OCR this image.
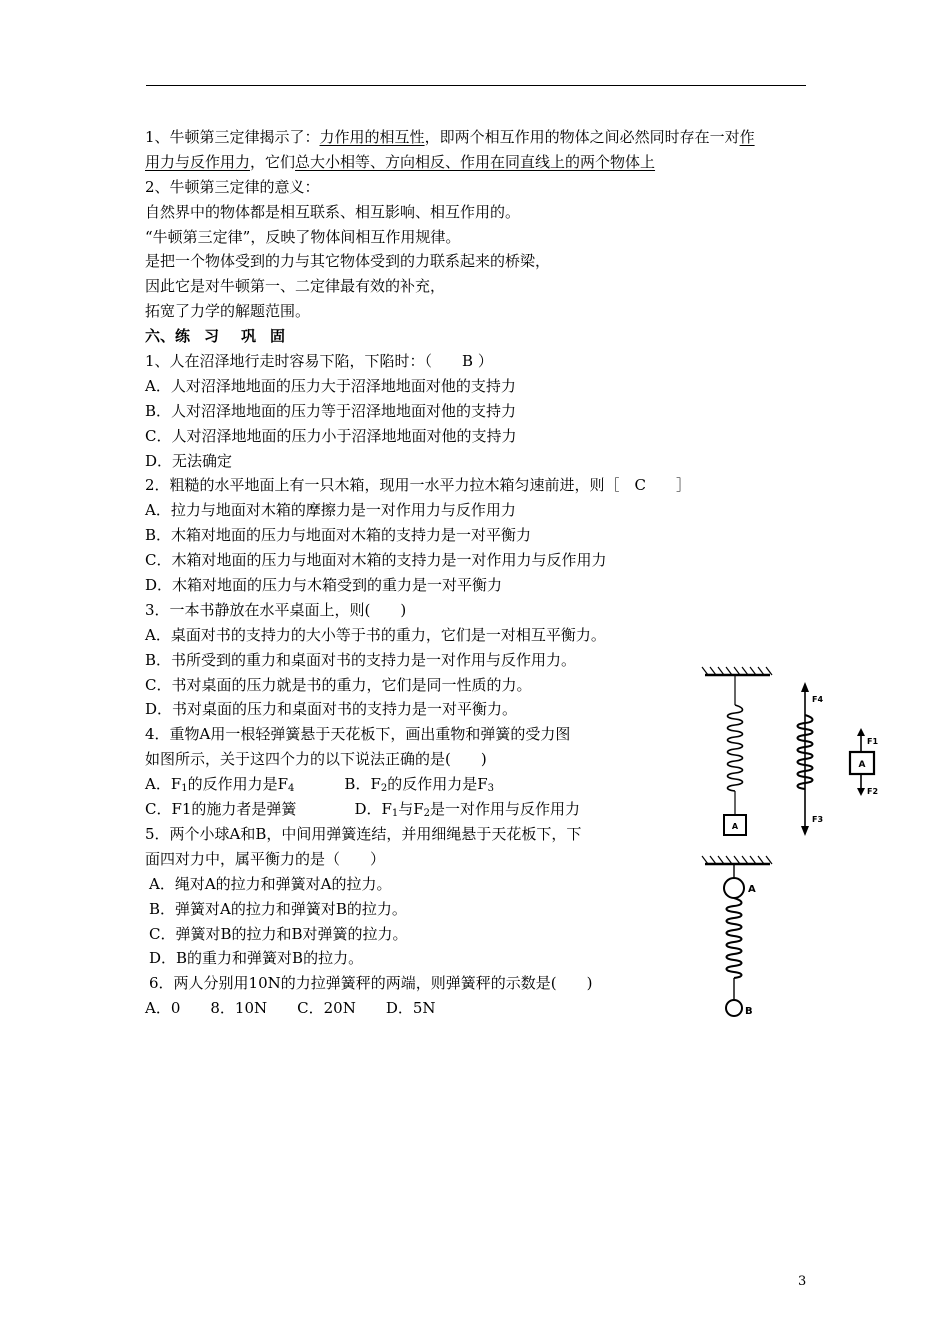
1、牛顿第三定律揭示了：力作用的相互性，即两个相互作用的物体之间必然同时存在一对作
用力与反作用力，它们总大小相等、方向相反、作用在同直线上的两个物体上
2、牛顿第三定律的意义：
自然界中的物体都是相互联系、相互影响、相互作用的。
“牛顿第三定律”，反映了物体间相互作用规律。
是把一个物体受到的力与其它物体受到的力联系起来的桥梁，
因此它是对牛顿第一、二定律最有效的补充，
拓宽了力学的解题范围。
六、练 习 巩 固
1、人在沼泽地行走时容易下陷，下陷时：（　　B ）
A．人对沼泽地地面的压力大于沼泽地地面对他的支持力
B．人对沼泽地地面的压力等于沼泽地地面对他的支持力
C．人对沼泽地地面的压力小于沼泽地地面对他的支持力
D．无法确定
2．粗糙的水平地面上有一只木箱，现用一水平力拉木箱匀速前进，则［　C　　］
A．拉力与地面对木箱的摩擦力是一对作用力与反作用力
B．木箱对地面的压力与地面对木箱的支持力是一对平衡力
C．木箱对地面的压力与地面对木箱的支持力是一对作用力与反作用力
D．木箱对地面的压力与木箱受到的重力是一对平衡力
3．一本书静放在水平桌面上，则(　　)
A．桌面对书的支持力的大小等于书的重力，它们是一对相互平衡力。
B．书所受到的重力和桌面对书的支持力是一对作用与反作用力。
C．书对桌面的压力就是书的重力，它们是同一性质的力。
D．书对桌面的压力和桌面对书的支持力是一对平衡力。
4．重物A用一根轻弹簧悬于天花板下，画出重物和弹簧的受力图
如图所示，关于这四个力的以下说法正确的是(　　)
A．$F_1$的反作用力是$F_4$	B．$F_2$的反作用力是$F_3$
C．F1的施力者是弹簧	D．$F_1$与$F_2$是一对作用与反作用力
5．两个小球A和B，中间用弹簧连结，并用细绳悬于天花板下，下
面四对力中，属平衡力的是（　　）
A．绳对A的拉力和弹簧对A的拉力。
B．弹簧对A的拉力和弹簧对B的拉力。
C．弹簧对B的拉力和B对弹簧的拉力。
D．B的重力和弹簧对B的拉力。
6．两人分别用10N的力拉弹簧秤的两端，则弹簧秤的示数是(　　)
A．0　　8．10N　　C．20N　　D．5N
A
F4
F3
A
F1
F2
A
B
3
